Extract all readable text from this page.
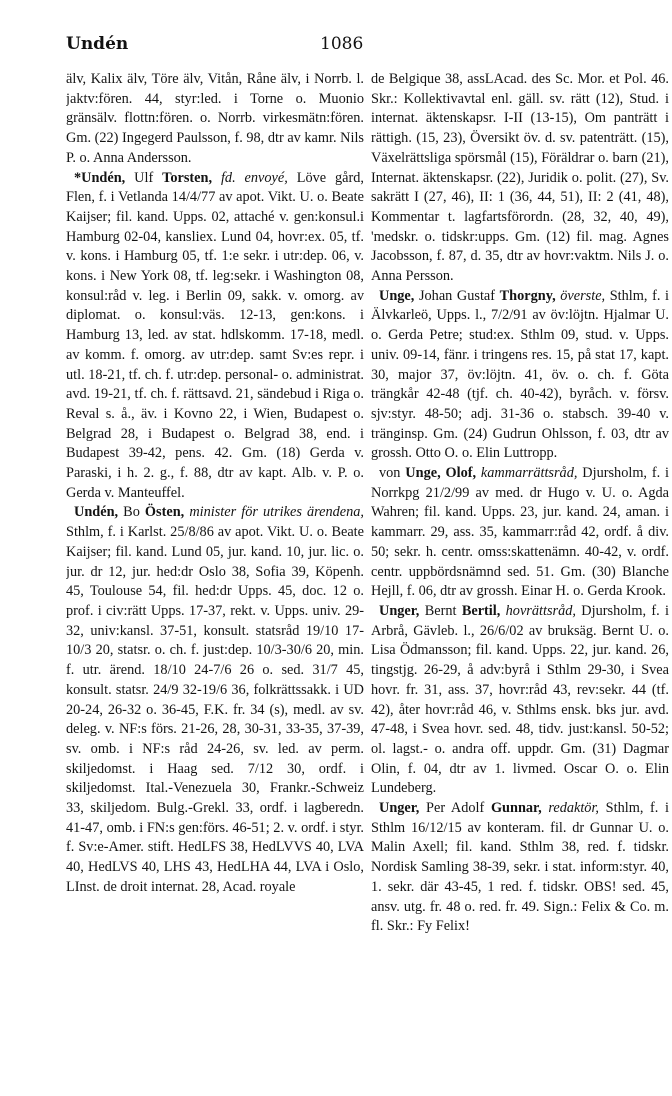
Undén	1086

älv, Kalix älv, Töre älv, Vitån, Råne älv, i Norrb. l. jaktv:fören. 44, styr:led. i Torne o. Muonio gränsälv. flottn:fören. o. Norrb. virkesmätn:fören. Gm. (22) Ingegerd Paulsson, f. 98, dtr av kamr. Nils P. o. Anna Andersson.

*Undén, Ulf Torsten, fd. envoyé, Löve gård, Flen, f. i Vetlanda 14/4/77 av apot. Vikt. U. o. Beate Kaijser; fil. kand. Upps. 02, attaché v. gen:konsul.i Hamburg 02-04, kansliex. Lund 04, hovr:ex. 05, tf. v. kons. i Hamburg 05, tf. 1:e sekr. i utr:dep. 06, v. kons. i New York 08, tf. leg:sekr. i Washington 08, konsul:råd v. leg. i Berlin 09, sakk. v. omorg. av diplomat. o. konsul:väs. 12-13, gen:kons. i Hamburg 13, led. av stat. hdlskomm. 17-18, medl. av komm. f. omorg. av utr:dep. samt Sv:es repr. i utl. 18-21, tf. ch. f. utr:dep. personal- o. administrat. avd. 19-21, tf. ch. f. rättsavd. 21, sändebud i Riga o. Reval s. å., äv. i Kovno 22, i Wien, Budapest o. Belgrad 28, i Budapest o. Belgrad 38, end. i Budapest 39-42, pens. 42. Gm. (18) Gerda v. Paraski, i h. 2. g., f. 88, dtr av kapt. Alb. v. P. o. Gerda v. Manteuffel.

Undén, Bo Östen, minister för utrikes ärendena, Sthlm, f. i Karlst. 25/8/86 av apot. Vikt. U. o. Beate Kaijser; fil. kand. Lund 05, jur. kand. 10, jur. lic. o. jur. dr 12, jur. hed:dr Oslo 38, Sofia 39, Köpenh. 45, Toulouse 54, fil. hed:dr Upps. 45, doc. 12 o. prof. i civ:rätt Upps. 17-37, rekt. v. Upps. univ. 29-32, univ:kansl. 37-51, konsult. statsråd 19/10 17-10/3 20, statsr. o. ch. f. just:dep. 10/3-30/6 20, min. f. utr. ärend. 18/10 24-7/6 26 o. sed. 31/7 45, konsult. statsr. 24/9 32-19/6 36, folkrättssakk. i UD 20-24, 26-32 o. 36-45, F.K. fr. 34 (s), medl. av sv. deleg. v. NF:s förs. 21-26, 28, 30-31, 33-35, 37-39, sv. omb. i NF:s råd 24-26, sv. led. av perm. skiljedomst. i Haag sed. 7/12 30, ordf. i skiljedomst. Ital.-Venezuela 30, Frankr.-Schweiz 33, skiljedom. Bulg.-Grekl. 33, ordf. i lagberedn. 41-47, omb. i FN:s gen:förs. 46-51; 2. v. ordf. i styr. f. Sv:e-Amer. stift. HedLFS 38, HedLVVS 40, LVA 40, HedLVS 40, LHS 43, HedLHA 44, LVA i Oslo, LInst. de droit internat. 28, Acad. royale

de Belgique 38, assLAcad. des Sc. Mor. et Pol. 46. Skr.: Kollektivavtal enl. gäll. sv. rätt (12), Stud. i internat. äktenskapsr. I-II (13-15), Om panträtt i rättigh. (15, 23), Översikt öv. d. sv. patenträtt. (15), Växelrättsliga spörsmål (15), Föräldrar o. barn (21), Internat. äktenskapsr. (22), Juridik o. polit. (27), Sv. sakrätt I (27, 46), II: 1 (36, 44, 51), II: 2 (41, 48), Kommentar t. lagfartsförordn. (28, 32, 40, 49), 'medskr. o. tidskr:upps. Gm. (12) fil. mag. Agnes Jacobsson, f. 87, d. 35, dtr av hovr:vaktm. Nils J. o. Anna Persson.

Unge, Johan Gustaf Thorgny, överste, Sthlm, f. i Älvkarleö, Upps. l., 7/2/91 av öv:löjtn. Hjalmar U. o. Gerda Petre; stud:ex. Sthlm 09, stud. v. Upps. univ. 09-14, fänr. i tringens res. 15, på stat 17, kapt. 30, major 37, öv:löjtn. 41, öv. o. ch. f. Göta trängkår 42-48 (tjf. ch. 40-42), byråch. v. försv. sjv:styr. 48-50; adj. 31-36 o. stabsch. 39-40 v. tränginsp. Gm. (24) Gudrun Ohlsson, f. 03, dtr av grossh. Otto O. o. Elin Luttropp.

von Unge, Olof, kammarrättsråd, Djursholm, f. i Norrkpg 21/2/99 av med. dr Hugo v. U. o. Agda Wahren; fil. kand. Upps. 23, jur. kand. 24, aman. i kammarr. 29, ass. 35, kammarr:råd 42, ordf. å div. 50; sekr. h. centr. omss:skattenämn. 40-42, v. ordf. centr. uppbördsnämnd sed. 51. Gm. (30) Blanche Hejll, f. 06, dtr av grossh. Einar H. o. Gerda Krook.

Unger, Bernt Bertil, hovrättsråd, Djursholm, f. i Arbrå, Gävleb. l., 26/6/02 av bruksäg. Bernt U. o. Lisa Ödmansson; fil. kand. Upps. 22, jur. kand. 26, tingstjg. 26-29, å adv:byrå i Sthlm 29-30, i Svea hovr. fr. 31, ass. 37, hovr:råd 43, rev:sekr. 44 (tf. 42), åter hovr:råd 46, v. Sthlms ensk. bks jur. avd. 47-48, i Svea hovr. sed. 48, tidv. just:kansl. 50-52; ol. lagst.- o. andra off. uppdr. Gm. (31) Dagmar Olin, f. 04, dtr av 1. livmed. Oscar O. o. Elin Lundeberg.

Unger, Per Adolf Gunnar, redaktör, Sthlm, f. i Sthlm 16/12/15 av konteram. fil. dr Gunnar U. o. Malin Axell; fil. kand. Sthlm 38, red. f. tidskr. Nordisk Samling 38-39, sekr. i stat. inform:styr. 40, 1. sekr. där 43-45, 1 red. f. tidskr. OBS! sed. 45, ansv. utg. fr. 48 o. red. fr. 49. Sign.: Felix & Co. m. fl. Skr.: Fy Felix!
